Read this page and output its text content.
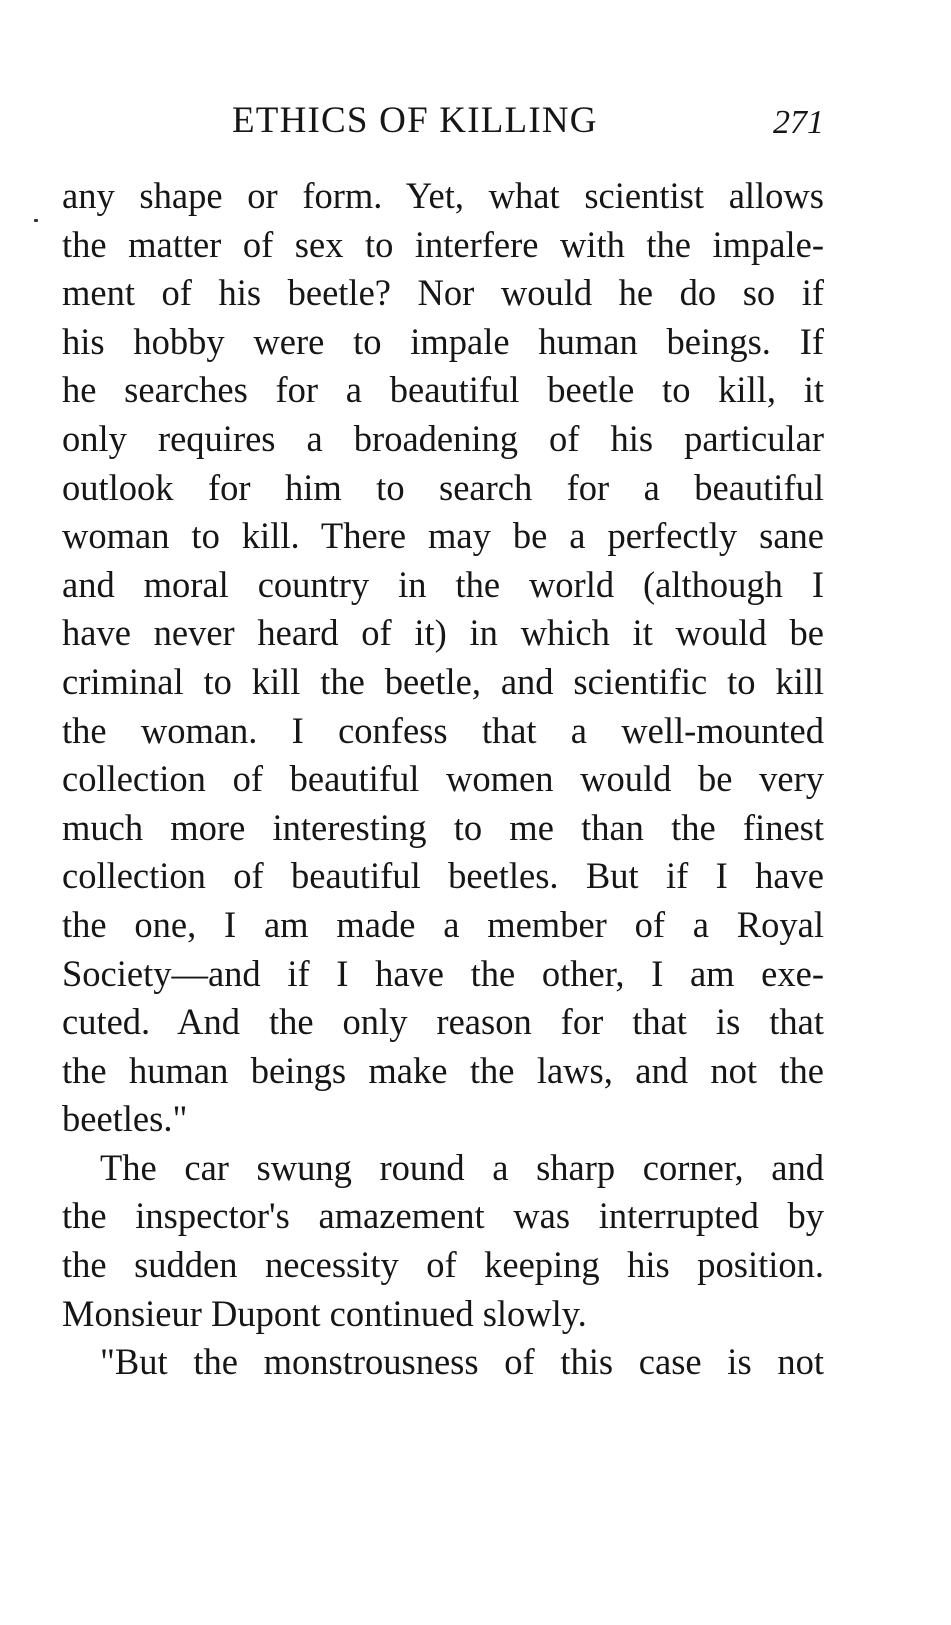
ETHICS OF KILLING	271
any shape or form. Yet, what scientist allows
the matter of sex to interfere with the impale-
ment of his beetle? Nor would he do so if
his hobby were to impale human beings. If
he searches for a beautiful beetle to kill, it
only requires a broadening of his particular
outlook for him to search for a beautiful
woman to kill. There may be a perfectly sane
and moral country in the world (although I
have never heard of it) in which it would be
criminal to kill the beetle, and scientific to kill
the woman. I confess that a well-mounted
collection of beautiful women would be very
much more interesting to me than the finest
collection of beautiful beetles. But if I have
the one, I am made a member of a Royal
Society—and if I have the other, I am exe-
cuted. And the only reason for that is that
the human beings make the laws, and not the
beetles."
The car swung round a sharp corner, and
the inspector's amazement was interrupted by
the sudden necessity of keeping his position.
Monsieur Dupont continued slowly.
"But the monstrousness of this case is not
